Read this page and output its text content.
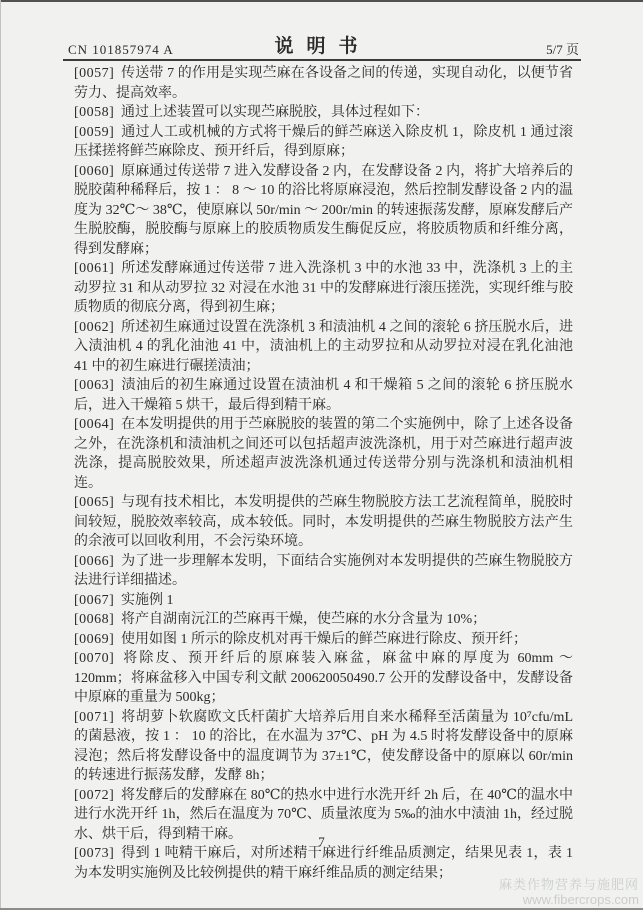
CN 101857974 A	说明书	5/7 页

[0057] 传送带 7 的作用是实现苎麻在各设备之间的传递，实现自动化，以便节省劳力、提高效率。

[0058] 通过上述装置可以实现苎麻脱胶，具体过程如下：

[0059] 通过人工或机械的方式将干燥后的鲜苎麻送入除皮机 1，除皮机 1 通过滚压揉搓将鲜苎麻除皮、预开纤后，得到原麻；

[0060] 原麻通过传送带 7 进入发酵设备 2 内，在发酵设备 2 内，将扩大培养后的脱胶菌种稀释后，按 1 ： 8 ～ 10 的浴比将原麻浸泡，然后控制发酵设备 2 内的温度为 32℃～ 38℃，使原麻以 50r/min ～ 200r/min 的转速振荡发酵，原麻发酵后产生脱胶酶，脱胶酶与原麻上的胶质物质发生酶促反应，将胶质物质和纤维分离，得到发酵麻；

[0061] 所述发酵麻通过传送带 7 进入洗涤机 3 中的水池 33 中，洗涤机 3 上的主动罗拉 31 和从动罗拉 32 对浸在水池 31 中的发酵麻进行滚压搓洗，实现纤维与胶质物质的彻底分离，得到初生麻；

[0062] 所述初生麻通过设置在洗涤机 3 和渍油机 4 之间的滚轮 6 挤压脱水后，进入渍油机 4 的乳化油池 41 中，渍油机上的主动罗拉和从动罗拉对浸在乳化油池 41 中的初生麻进行碾搓渍油；

[0063] 渍油后的初生麻通过设置在渍油机 4 和干燥箱 5 之间的滚轮 6 挤压脱水后，进入干燥箱 5 烘干，最后得到精干麻。

[0064] 在本发明提供的用于苎麻脱胶的装置的第二个实施例中，除了上述各设备之外，在洗涤机和渍油机之间还可以包括超声波洗涤机，用于对苎麻进行超声波洗涤，提高脱胶效果，所述超声波洗涤机通过传送带分别与洗涤机和渍油机相连。

[0065] 与现有技术相比，本发明提供的苎麻生物脱胶方法工艺流程简单，脱胶时间较短，脱胶效率较高，成本较低。同时，本发明提供的苎麻生物脱胶方法产生的余液可以回收利用，不会污染环境。

[0066] 为了进一步理解本发明，下面结合实施例对本发明提供的苎麻生物脱胶方法进行详细描述。

[0067] 实施例 1

[0068] 将产自湖南沅江的苎麻再干燥，使苎麻的水分含量为 10%；

[0069] 使用如图 1 所示的除皮机对再干燥后的鲜苎麻进行除皮、预开纤；

[0070] 将除皮、预开纤后的原麻装入麻盆，麻盆中麻的厚度为 60mm ～ 120mm；将麻盆移入中国专利文献 200620050490.7 公开的发酵设备中，发酵设备中原麻的重量为 500kg；

[0071] 将胡萝卜软腐欧文氏杆菌扩大培养后用自来水稀释至活菌量为 10⁷cfu/mL 的菌悬液，按 1 ： 10 的浴比，在水温为 37℃、pH 为 4.5 时将发酵设备中的原麻浸泡；然后将发酵设备中的温度调节为 37±1℃，使发酵设备中的原麻以 60r/min 的转速进行振荡发酵，发酵 8h；

[0072] 将发酵后的发酵麻在 80℃的热水中进行水洗开纤 2h 后，在 40℃的温水中进行水洗开纤 1h，然后在温度为 70℃、质量浓度为 5‰的油水中渍油 1h，经过脱水、烘干后，得到精干麻。

[0073] 得到 1 吨精干麻后，对所述精干麻进行纤维品质测定，结果见表 1，表 1 为本发明实施例及比较例提供的精干麻纤维品质的测定结果；

7
麻类作物营养与施肥网
www.fibercrops.com
